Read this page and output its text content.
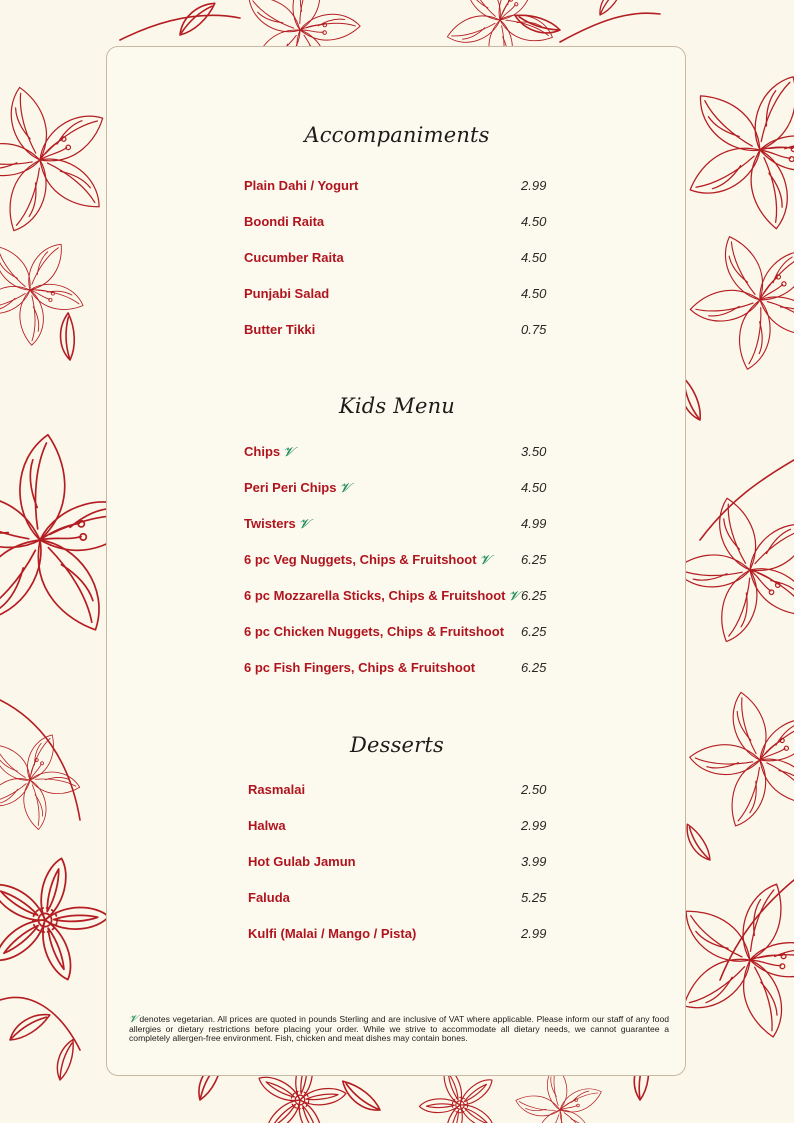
Accompaniments
Plain Dahi / Yogurt	2.99
Boondi Raita	4.50
Cucumber Raita	4.50
Punjabi Salad	4.50
Butter Tikki	0.75
Kids Menu
Chips 𝓥	3.50
Peri Peri Chips 𝓥	4.50
Twisters 𝓥	4.99
6 pc Veg Nuggets, Chips & Fruitshoot 𝓥 6.25
6 pc Mozzarella Sticks, Chips & Fruitshoot 𝓥 6.25
6 pc Chicken Nuggets, Chips & Fruitshoot 6.25
6 pc Fish Fingers, Chips & Fruitshoot	6.25
Desserts
Rasmalai	2.50
Halwa	2.99
Hot Gulab Jamun	3.99
Faluda	5.25
Kulfi (Malai / Mango / Pista)	2.99
𝓥 denotes vegetarian. All prices are quoted in pounds Sterling and are inclusive of VAT where applicable. Please inform our staff of any food allergies or dietary restrictions before placing your order. While we strive to accommodate all dietary needs, we cannot guarantee a completely allergen-free environment. Fish, chicken and meat dishes may contain bones.
